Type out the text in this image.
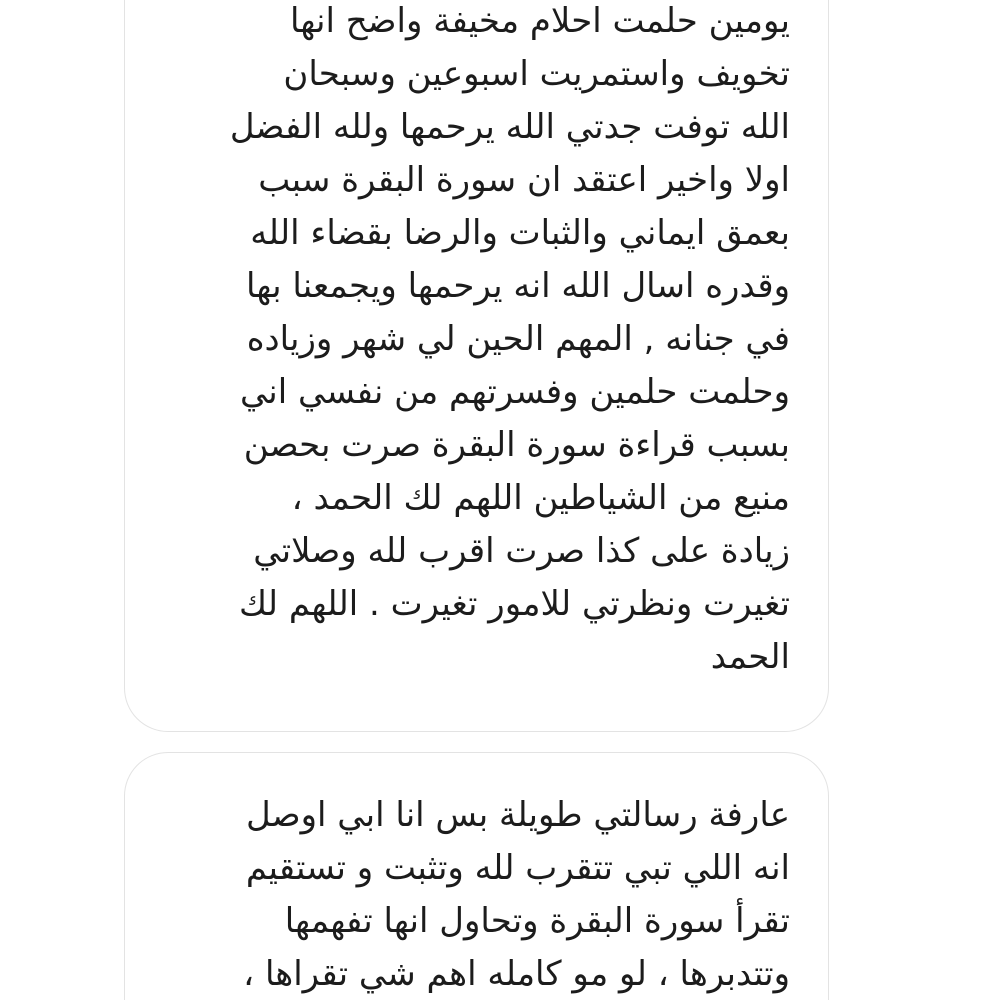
يومين حلمت احلام مخيفة واضح انها
تخويف واستمريت اسبوعين وسبحان
الله توفت جدتي الله يرحمها ولله الفضل
اولا واخير اعتقد ان سورة البقرة سبب
بعمق ايماني والثبات والرضا بقضاء الله
وقدره اسال الله انه يرحمها ويجمعنا بها
في جنانه , المهم الحين لي شهر وزياده
وحلمت حلمين وفسرتهم من نفسي اني
بسبب قراءة سورة البقرة صرت بحصن
منيع من الشياطين اللهم لك الحمد ،
زيادة على كذا صرت اقرب لله وصلاتي
تغيرت ونظرتي للامور تغيرت . اللهم لك
الحمد

عارفة رسالتي طويلة بس انا ابي اوصل
انه اللي تبي تتقرب لله وتثبت و تستقيم
تقرأ سورة البقرة وتحاول انها تفهمها
وتتدبرها ، لو مو كامله اهم شي تقراها ،
